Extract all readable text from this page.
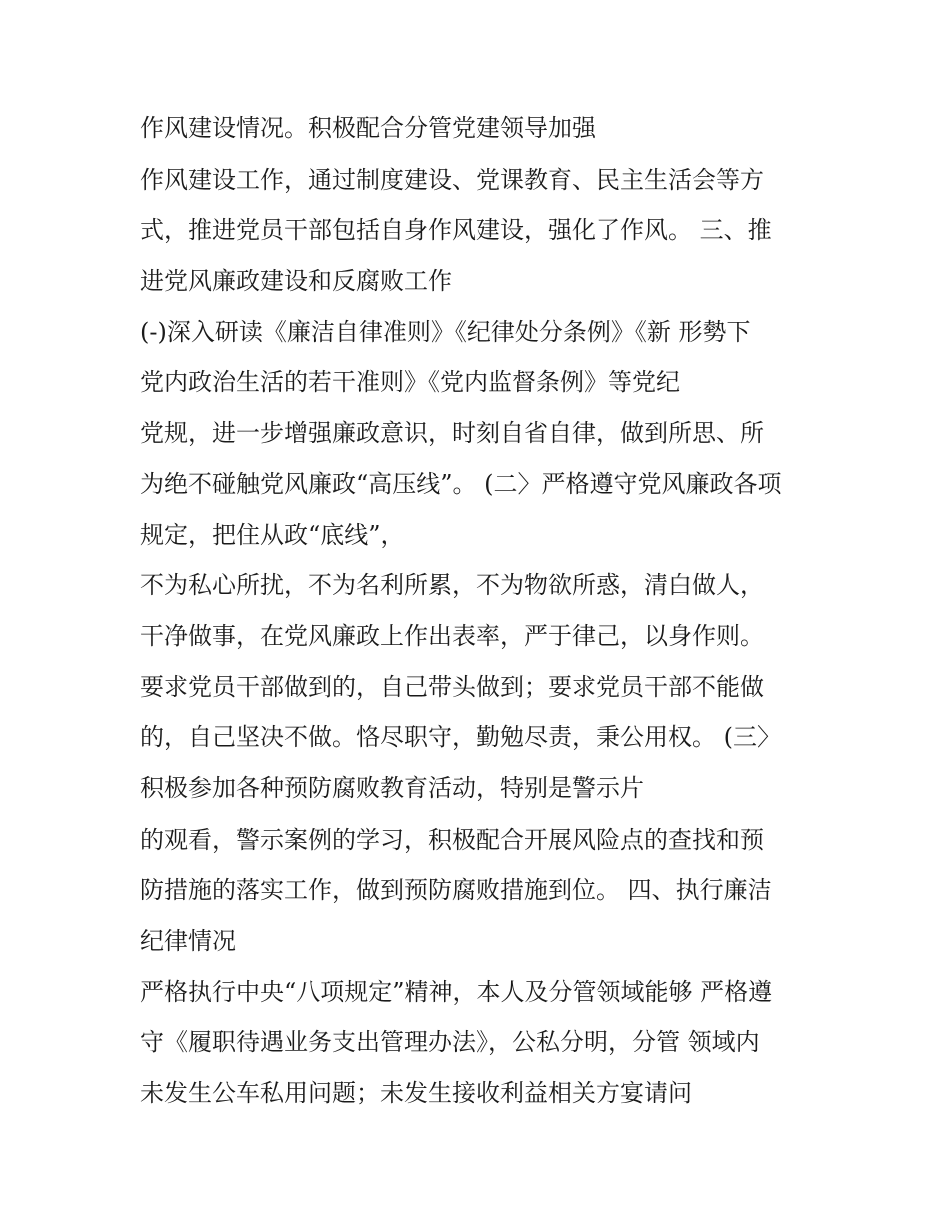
作风建设情况。积极配合分管党建领导加强

作风建设工作，通过制度建设、党课教育、民主生活会等方

式，推进党员干部包括自身作风建设，强化了作风。 三、推

进党风廉政建设和反腐败工作

(-)深入研读《廉洁自律准则》《纪律处分条例》《新 形勢下

党内政治生活的若干准则》《党内监督条例》等党纪

党规，进一步增强廉政意识，时刻自省自律，做到所思、所

为绝不碰触党风廉政“高压线”。 (二〉严格遵守党风廉政各项

规定，把住从政“底线”，

不为私心所扰，不为名利所累，不为物欲所惑，清白做人，

干净做事，在党风廉政上作出表率，严于律己，以身作则。

要求党员干部做到的，自己带头做到；要求党员干部不能做

的，自己坚决不做。恪尽职守，勤勉尽责，秉公用权。 (三〉

积极参加各种预防腐败教育活动，特别是警示片

的观看，警示案例的学习，积极配合开展风险点的查找和预

防措施的落实工作，做到预防腐败措施到位。 四、执行廉洁

纪律情况

严格执行中央“八项规定”精神，本人及分管领域能够 严格遵

守《履职待遇业务支出管理办法》，公私分明，分管 领域内

未发生公车私用问题；未发生接收利益相关方宴请问
